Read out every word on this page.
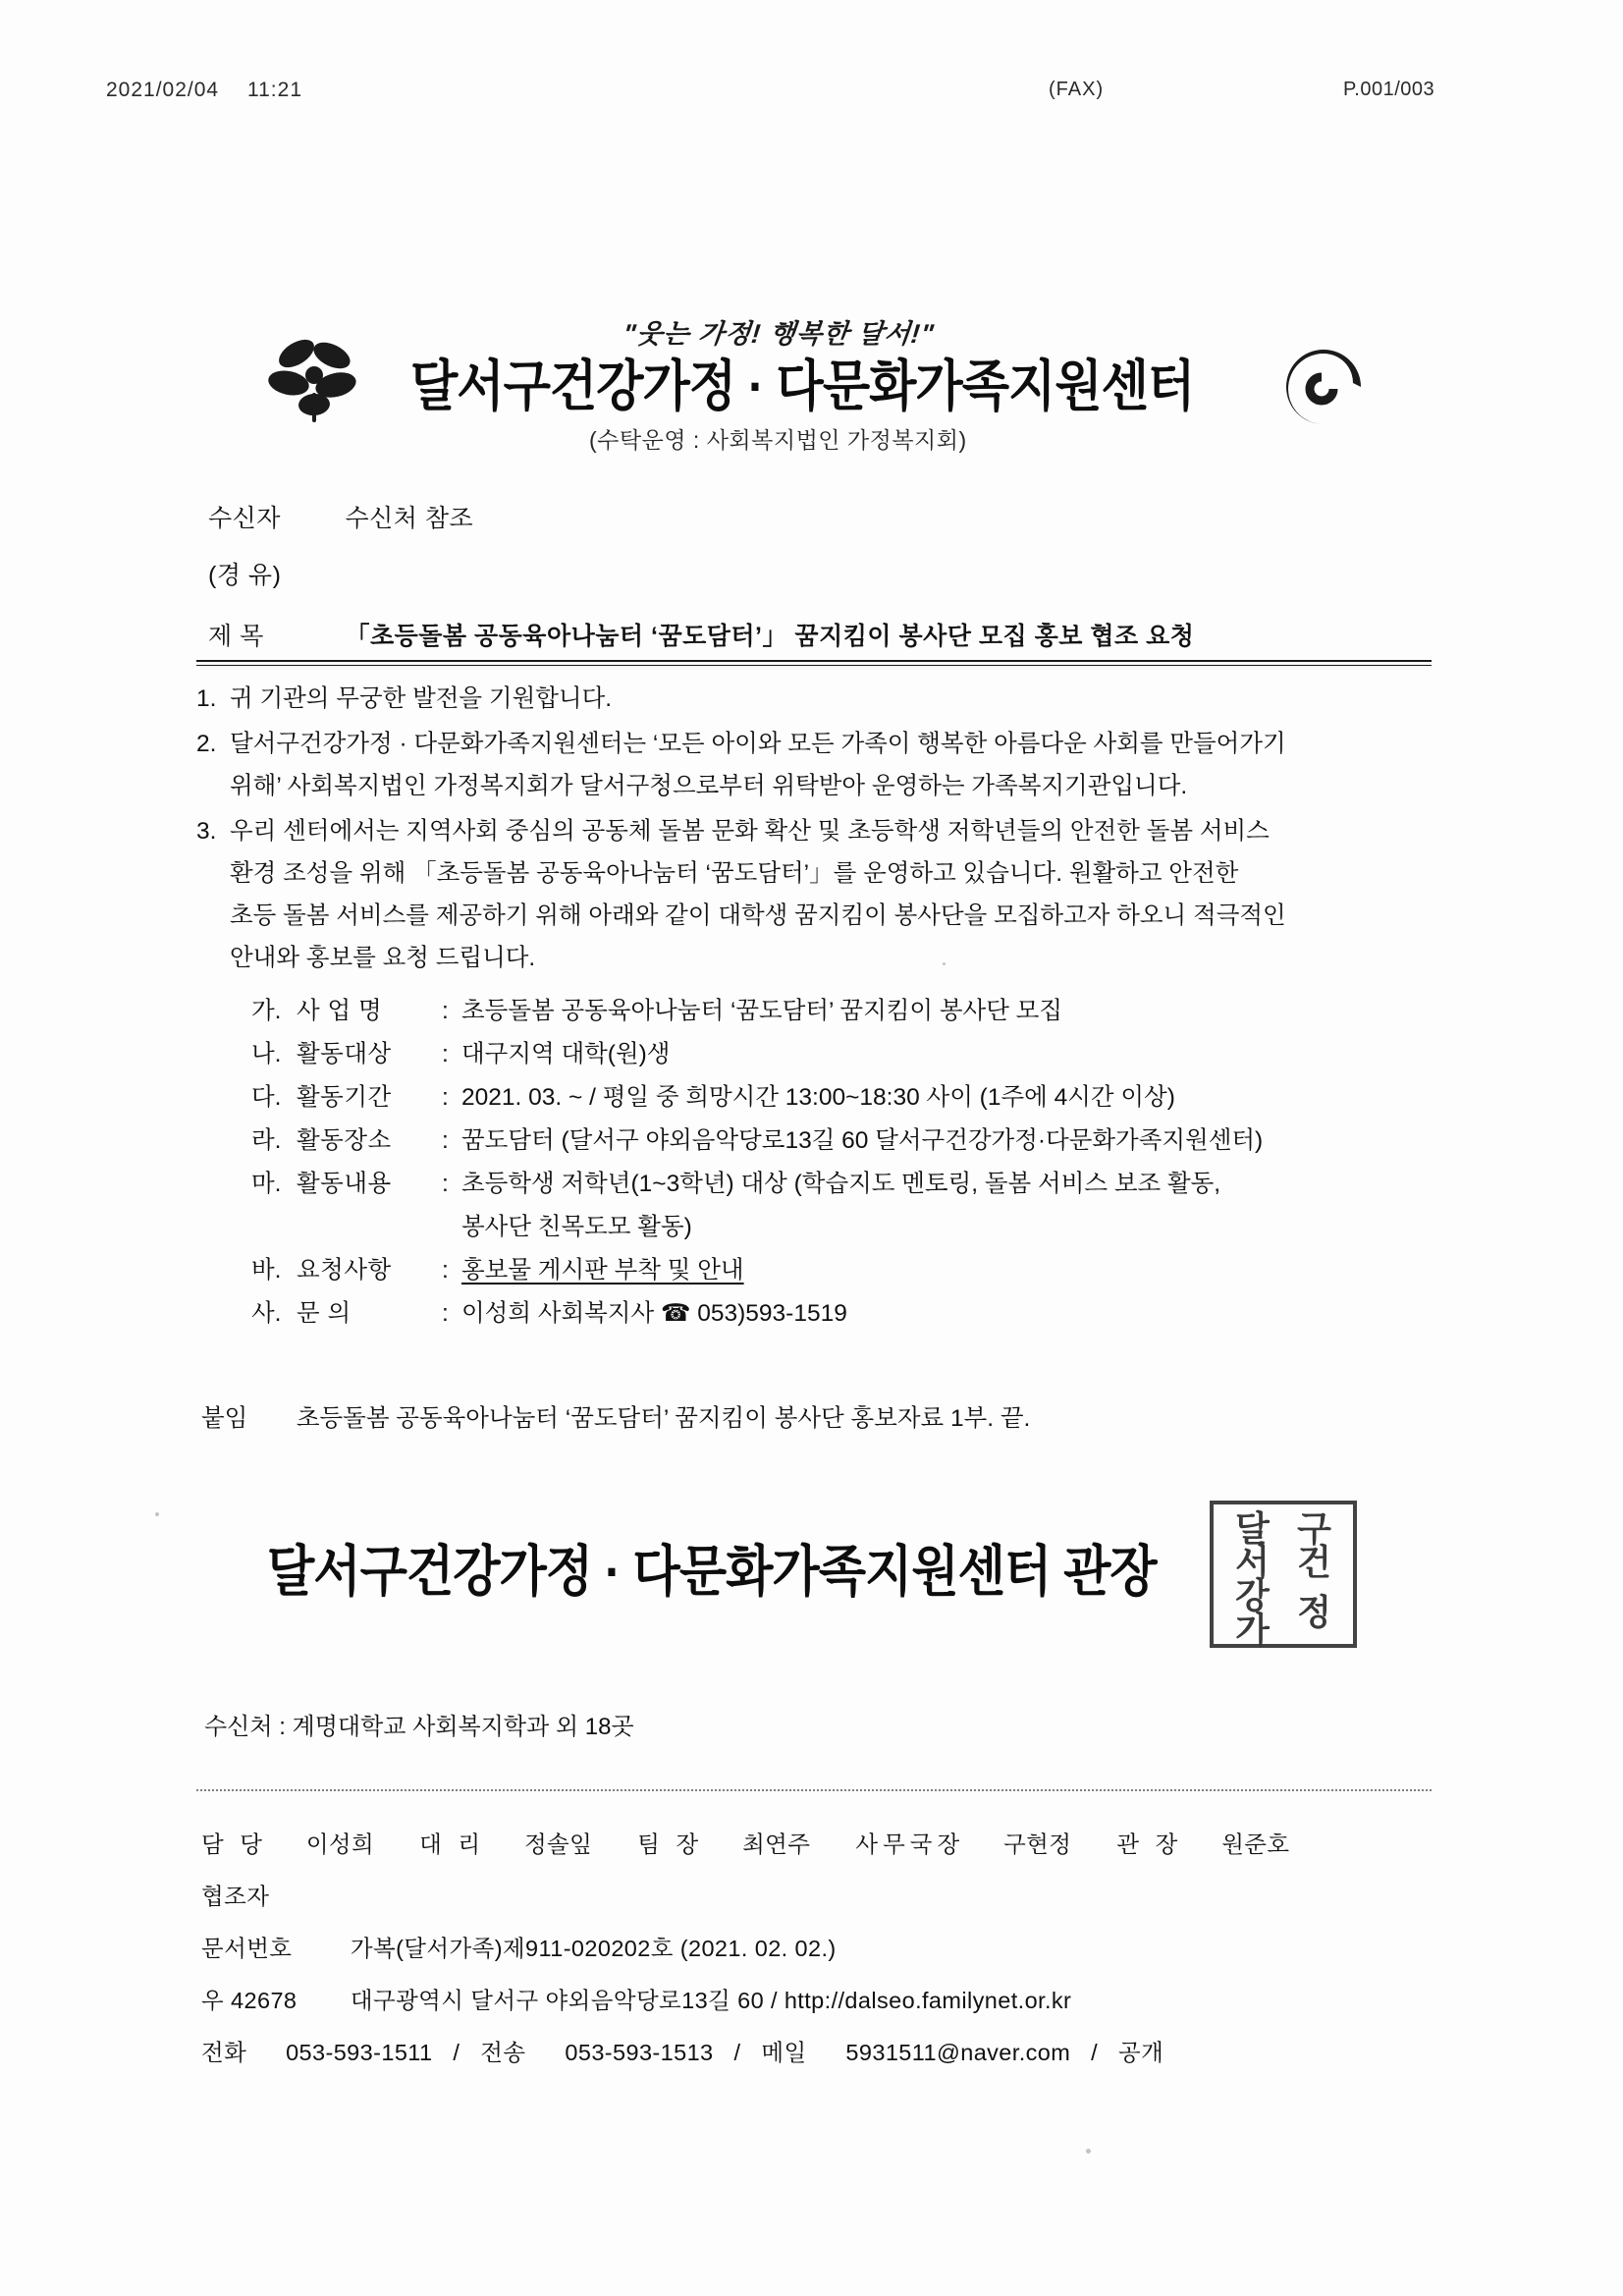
2021/02/04 11:21	(FAX)	P.001/003
"웃는 가정! 행복한 달서!"
달서구건강가정 · 다문화가족지원센터
(수탁운영 : 사회복지법인 가정복지회)
수신자	수신처 참조
(경 유)
제 목	「초등돌봄 공동육아나눔터 ‘꿈도담터’」 꿈지킴이 봉사단 모집 홍보 협조 요청
1. 귀 기관의 무궁한 발전을 기원합니다.

2. 달서구건강가정 · 다문화가족지원센터는 ‘모든 아이와 모든 가족이 행복한 아름다운 사회를 만들어가기

위해’ 사회복지법인 가정복지회가 달서구청으로부터 위탁받아 운영하는 가족복지기관입니다.

3. 우리 센터에서는 지역사회 중심의 공동체 돌봄 문화 확산 및 초등학생 저학년들의 안전한 돌봄 서비스

환경 조성을 위해 「초등돌봄 공동육아나눔터 ‘꿈도담터’」를 운영하고 있습니다. 원활하고 안전한

초등 돌봄 서비스를 제공하기 위해 아래와 같이 대학생 꿈지킴이 봉사단을 모집하고자 하오니 적극적인

안내와 홍보를 요청 드립니다.

가. 사 업 명	: 초등돌봄 공동육아나눔터 ‘꿈도담터’ 꿈지킴이 봉사단 모집
나. 활동대상	: 대구지역 대학(원)생
다. 활동기간	: 2021. 03. ~ / 평일 중 희망시간 13:00~18:30 사이 (1주에 4시간 이상)
라. 활동장소	: 꿈도담터 (달서구 야외음악당로13길 60 달서구건강가정·다문화가족지원센터)
마. 활동내용	: 초등학생 저학년(1~3학년) 대상 (학습지도 멘토링, 돌봄 서비스 보조 활동,
봉사단 친목도모 활동)
바. 요청사항	: 홍보물 게시판 부착 및 안내
사. 문 의	: 이성희 사회복지사 ☎ 053)593-1519
붙임 초등돌봄 공동육아나눔터 ‘꿈도담터’ 꿈지킴이 봉사단 홍보자료 1부. 끝.
달서구건강가정 · 다문화가족지원센터 관장
달서
구건
강가 정
수신처 : 계명대학교 사회복지학과 외 18곳
담 당 이성희 대 리 정솔잎 팀 장 최연주 사무국장 구현정 관 장 원준호
협조자
문서번호	가복(달서가족)제911-020202호 (2021. 02. 02.)
우 42678 대구광역시 달서구 야외음악당로13길 60 / http://dalseo.familynet.or.kr
전화 053-593-1511 / 전송 053-593-1513 / 메일 5931511@naver.com / 공개
